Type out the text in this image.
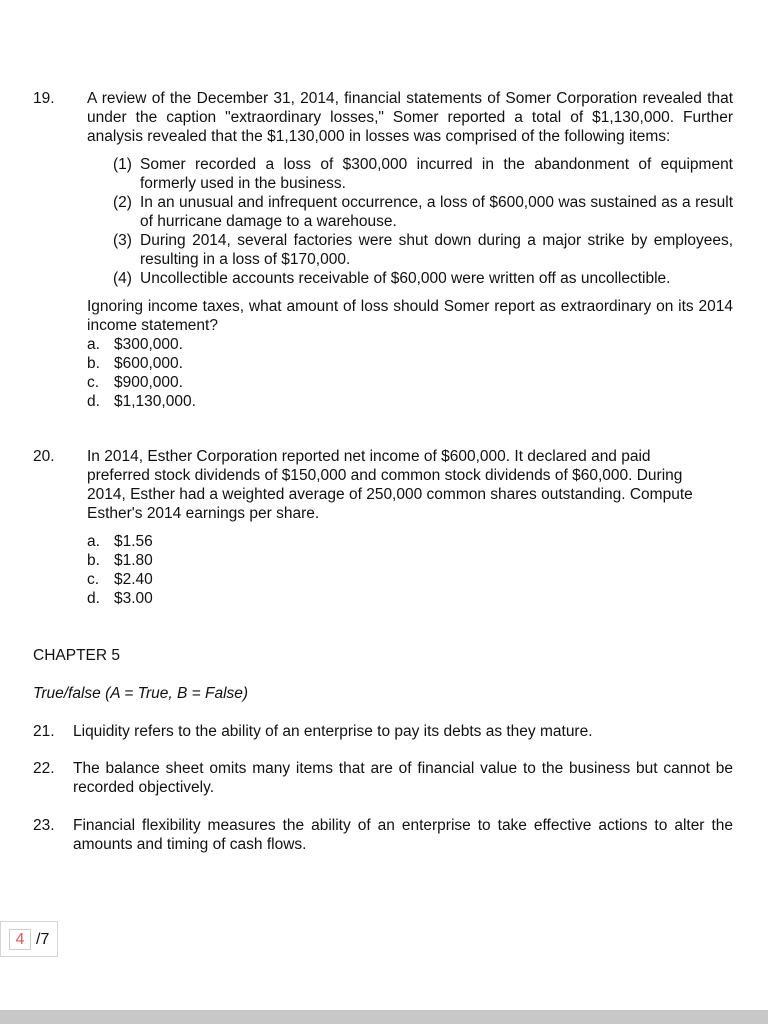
19. A review of the December 31, 2014, financial statements of Somer Corporation revealed that under the caption "extraordinary losses," Somer reported a total of $1,130,000. Further analysis revealed that the $1,130,000 in losses was comprised of the following items:
(1) Somer recorded a loss of $300,000 incurred in the abandonment of equipment formerly used in the business.
(2) In an unusual and infrequent occurrence, a loss of $600,000 was sustained as a result of hurricane damage to a warehouse.
(3) During 2014, several factories were shut down during a major strike by employees, resulting in a loss of $170,000.
(4) Uncollectible accounts receivable of $60,000 were written off as uncollectible.
Ignoring income taxes, what amount of loss should Somer report as extraordinary on its 2014 income statement?
a. $300,000.
b. $600,000.
c. $900,000.
d. $1,130,000.
20. In 2014, Esther Corporation reported net income of $600,000. It declared and paid
preferred stock dividends of $150,000 and common stock dividends of $60,000. During
2014, Esther had a weighted average of 250,000 common shares outstanding. Compute
Esther's 2014 earnings per share.
a. $1.56
b. $1.80
c. $2.40
d. $3.00
CHAPTER 5
True/false (A = True, B = False)
21. Liquidity refers to the ability of an enterprise to pay its debts as they mature.
22. The balance sheet omits many items that are of financial value to the business but cannot be recorded objectively.
23. Financial flexibility measures the ability of an enterprise to take effective actions to alter the amounts and timing of cash flows.
4 /7
